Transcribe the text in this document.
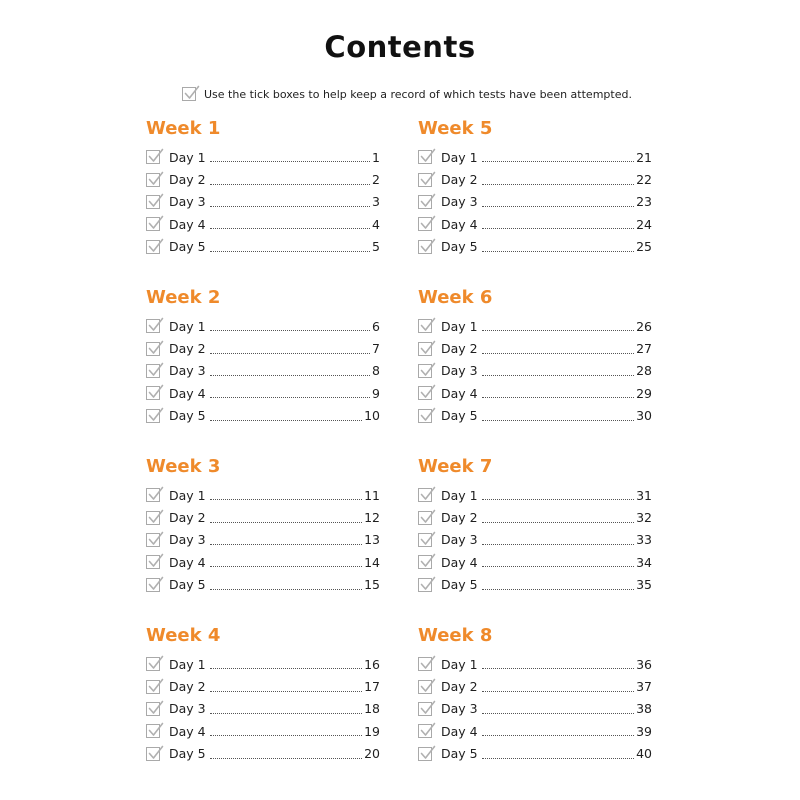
Contents
Use the tick boxes to help keep a record of which tests have been attempted.
Week 1
Day 1	1
Day 2	2
Day 3	3
Day 4	4
Day 5	5
Week 2
Day 1	6
Day 2	7
Day 3	8
Day 4	9
Day 5	10
Week 3
Day 1	11
Day 2	12
Day 3	13
Day 4	14
Day 5	15
Week 4
Day 1	16
Day 2	17
Day 3	18
Day 4	19
Day 5	20
Week 5
Day 1	21
Day 2	22
Day 3	23
Day 4	24
Day 5	25
Week 6
Day 1	26
Day 2	27
Day 3	28
Day 4	29
Day 5	30
Week 7
Day 1	31
Day 2	32
Day 3	33
Day 4	34
Day 5	35
Week 8
Day 1	36
Day 2	37
Day 3	38
Day 4	39
Day 5	40
